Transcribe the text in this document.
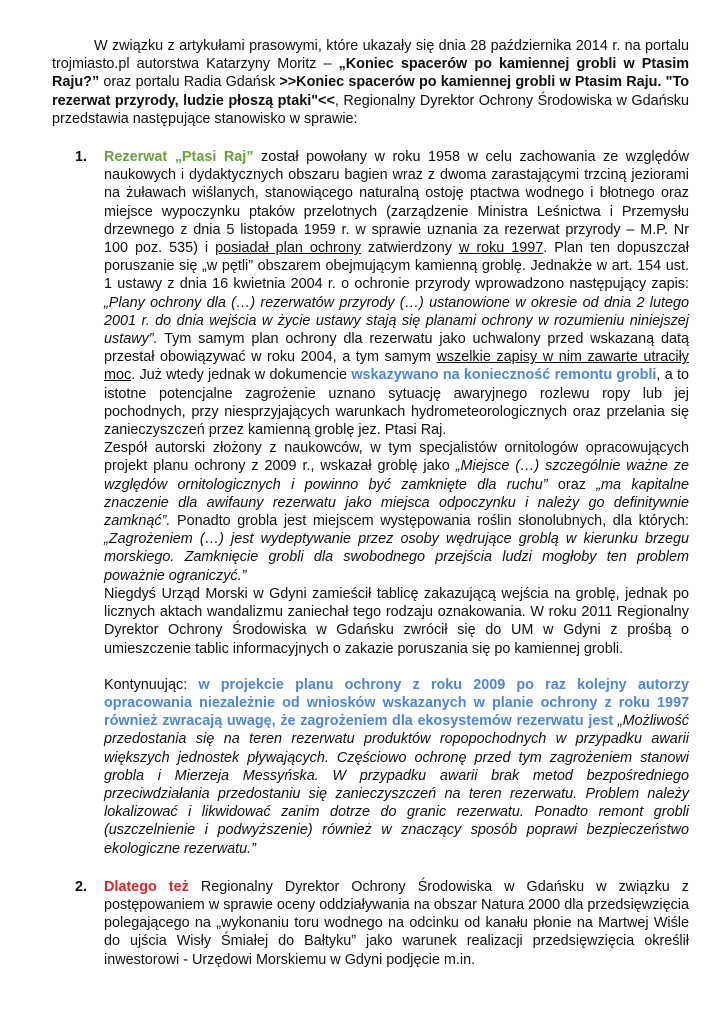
W związku z artykułami prasowymi, które ukazały się dnia 28 października 2014 r. na portalu trojmiasto.pl autorstwa Katarzyny Moritz – „Koniec spacerów po kamiennej grobli w Ptasim Raju?” oraz portalu Radia Gdańsk >>Koniec spacerów po kamiennej grobli w Ptasim Raju. "To rezerwat przyrody, ludzie płoszą ptaki"<<, Regionalny Dyrektor Ochrony Środowiska w Gdańsku przedstawia następujące stanowisko w sprawie:

1. Rezerwat „Ptasi Raj” został powołany w roku 1958 w celu zachowania ze względów naukowych i dydaktycznych obszaru bagien wraz z dwoma zarastającymi trzciną jeziorami na żuławach wiślanych, stanowiącego naturalną ostoję ptactwa wodnego i błotnego oraz miejsce wypoczynku ptaków przelotnych (zarządzenie Ministra Leśnictwa i Przemysłu drzewnego z dnia 5 listopada 1959 r. w sprawie uznania za rezerwat przyrody – M.P. Nr 100 poz. 535) i posiadał plan ochrony zatwierdzony w roku 1997. Plan ten dopuszczał poruszanie się „w pętli” obszarem obejmującym kamienną groblę. Jednakże w art. 154 ust. 1 ustawy z dnia 16 kwietnia 2004 r. o ochronie przyrody wprowadzono następujący zapis: „Plany ochrony dla (…) rezerwatów przyrody (…) ustanowione w okresie od dnia 2 lutego 2001 r. do dnia wejścia w życie ustawy stają się planami ochrony w rozumieniu niniejszej ustawy”. Tym samym plan ochrony dla rezerwatu jako uchwalony przed wskazaną datą przestał obowiązywać w roku 2004, a tym samym wszelkie zapisy w nim zawarte utraciły moc. Już wtedy jednak w dokumencie wskazywano na konieczność remontu grobli, a to istotne potencjalne zagrożenie uznano sytuację awaryjnego rozlewu ropy lub jej pochodnych, przy niesprzyjających warunkach hydrometeorologicznych oraz przelania się zanieczyszczeń przez kamienną groblę jez. Ptasi Raj.

Zespół autorski złożony z naukowców, w tym specjalistów ornitologów opracowujących projekt planu ochrony z 2009 r., wskazał groblę jako „Miejsce (…) szczególnie ważne ze względów ornitologicznych i powinno być zamknięte dla ruchu” oraz „ma kapitalne znaczenie dla awifauny rezerwatu jako miejsca odpoczynku i należy go definitywnie zamknąć”. Ponadto grobla jest miejscem występowania roślin słonolubnych, dla których: „Zagrożeniem (…) jest wydeptywanie przez osoby wędrujące groblą w kierunku brzegu morskiego. Zamknięcie grobli dla swobodnego przejścia ludzi mogłoby ten problem poważnie ograniczyć.”

Niegdyś Urząd Morski w Gdyni zamieścił tablicę zakazującą wejścia na groblę, jednak po licznych aktach wandalizmu zaniechał tego rodzaju oznakowania. W roku 2011 Regionalny Dyrektor Ochrony Środowiska w Gdańsku zwrócił się do UM w Gdyni z prośbą o umieszczenie tablic informacyjnych o zakazie poruszania się po kamiennej grobli.

Kontynuując: w projekcie planu ochrony z roku 2009 po raz kolejny autorzy opracowania niezależnie od wniosków wskazanych w planie ochrony z roku 1997 również zwracają uwagę, że zagrożeniem dla ekosystemów rezerwatu jest „Możliwość przedostania się na teren rezerwatu produktów ropopochodnych w przypadku awarii większych jednostek pływających. Częściowo ochronę przed tym zagrożeniem stanowi grobla i Mierzeja Messyńska. W przypadku awarii brak metod bezpośredniego przeciwdziałania przedostaniu się zanieczyszczeń na teren rezerwatu. Problem należy lokalizować i likwidować zanim dotrze do granic rezerwatu. Ponadto remont grobli (uszczelnienie i podwyższenie) również w znaczący sposób poprawi bezpieczeństwo ekologiczne rezerwatu.”

2. Dlatego też Regionalny Dyrektor Ochrony Środowiska w Gdańsku w związku z postępowaniem w sprawie oceny oddziaływania na obszar Natura 2000 dla przedsięwzięcia polegającego na „wykonaniu toru wodnego na odcinku od kanału płonie na Martwej Wiśle do ujścia Wisły Śmiałej do Bałtyku” jako warunek realizacji przedsięwzięcia określił inwestorowi - Urzędowi Morskiemu w Gdyni podjęcie m.in.
